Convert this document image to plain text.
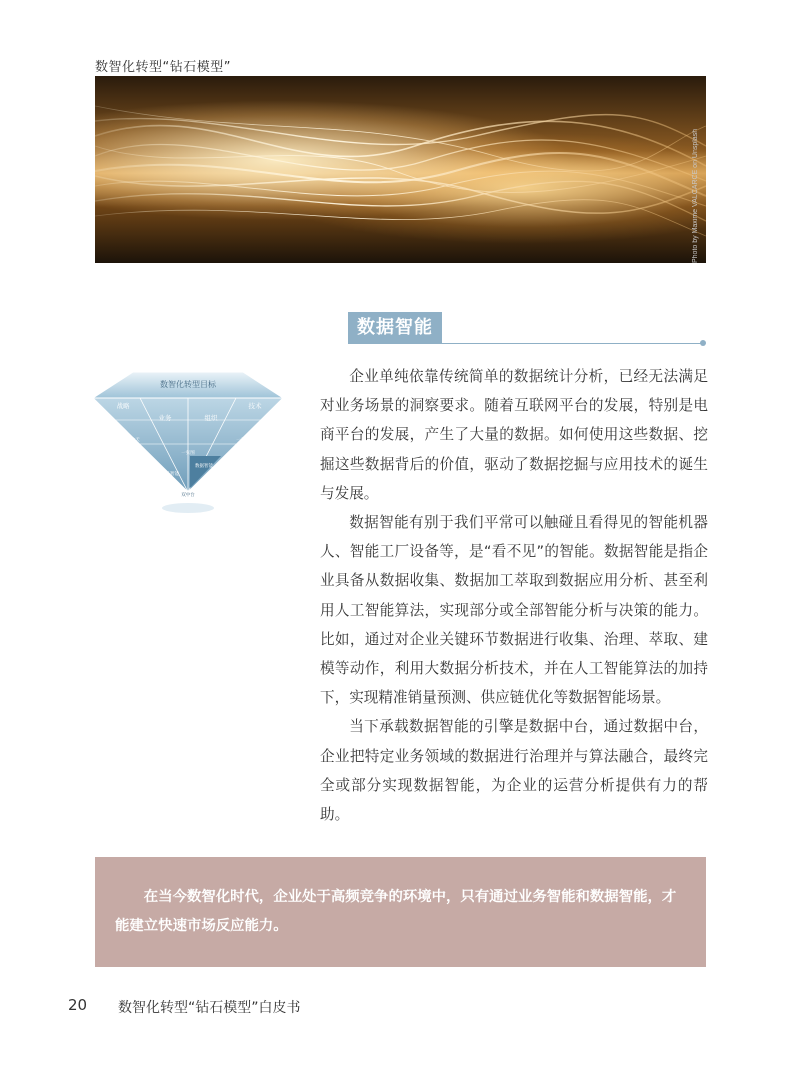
数智化转型“钻石模型”
Photo by Maxime VALCARCE on Unsplash
数据智能
数智化转型目标
战略
业务	组织
技术
一片天
一张图
一套优
业务智能
数据智能
双中台

企业单纯依靠传统简单的数据统计分析，已经无法满足对业务场景的洞察要求。随着互联网平台的发展，特别是电商平台的发展，产生了大量的数据。如何使用这些数据、挖掘这些数据背后的价值，驱动了数据挖掘与应用技术的诞生与发展。

数据智能有别于我们平常可以触碰且看得见的智能机器人、智能工厂设备等，是“看不见”的智能。数据智能是指企业具备从数据收集、数据加工萃取到数据应用分析、甚至利用人工智能算法，实现部分或全部智能分析与决策的能力。比如，通过对企业关键环节数据进行收集、治理、萃取、建模等动作，利用大数据分析技术，并在人工智能算法的加持下，实现精准销量预测、供应链优化等数据智能场景。

当下承载数据智能的引擎是数据中台，通过数据中台，企业把特定业务领域的数据进行治理并与算法融合，最终完全或部分实现数据智能，为企业的运营分析提供有力的帮助。

在当今数智化时代，企业处于高频竞争的环境中，只有通过业务智能和数据智能，才能建立快速市场反应能力。
20 数智化转型“钻石模型”白皮书
